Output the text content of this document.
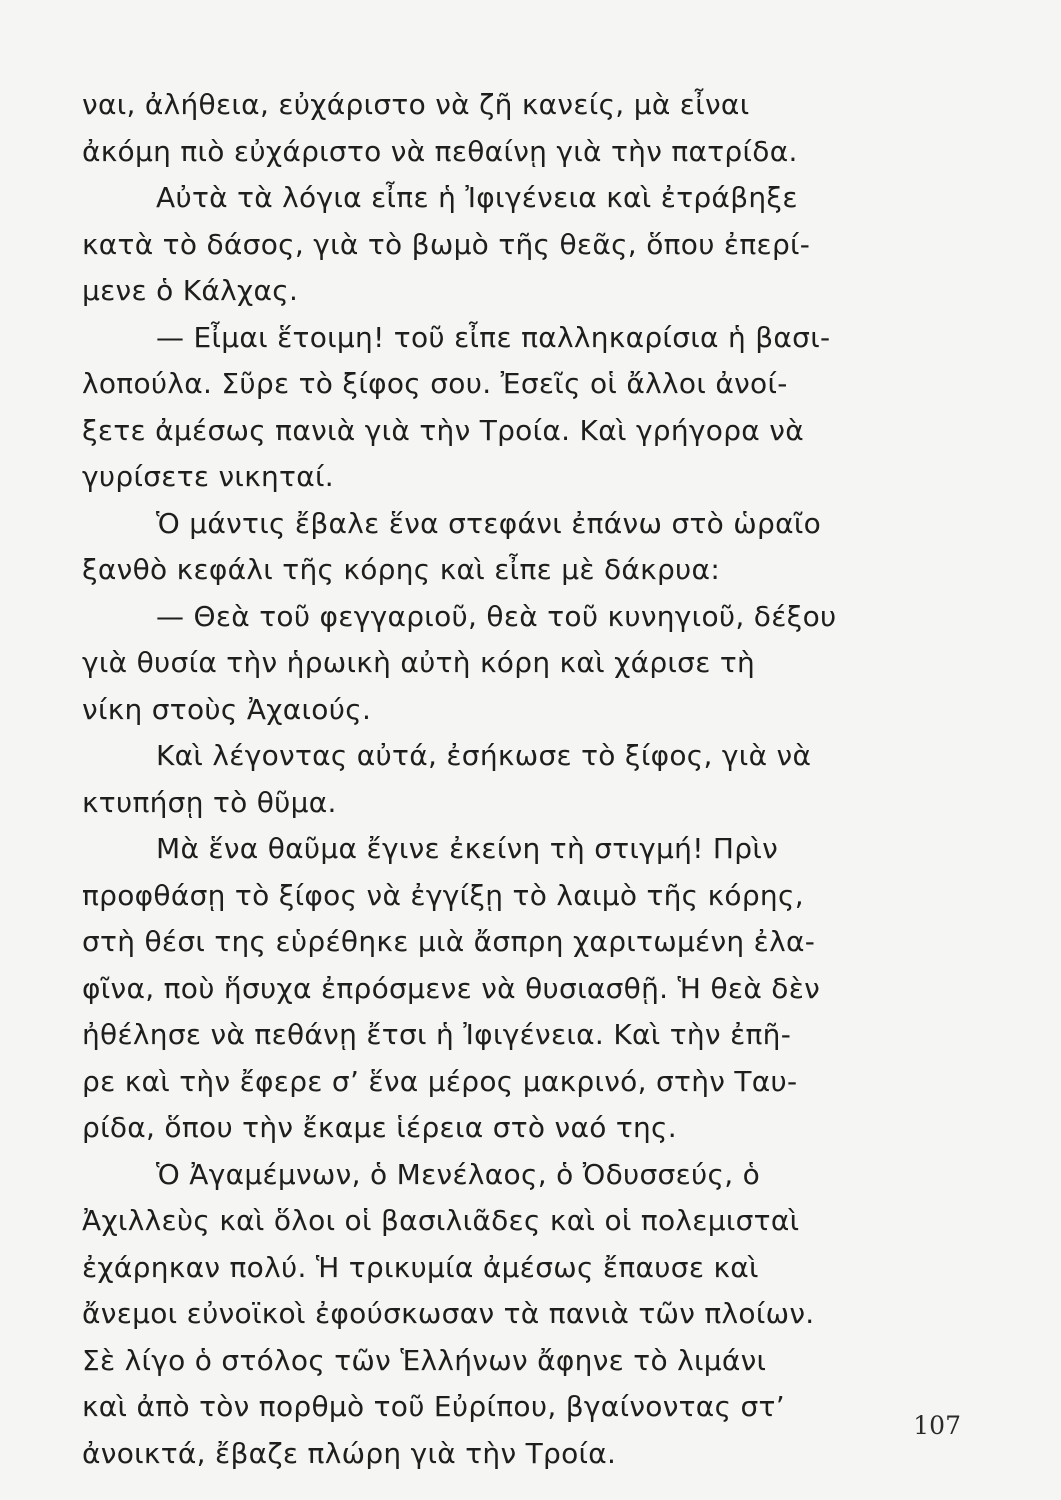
ναι, ἀλήθεια, εὐχάριστο νὰ ζῆ κανείς, μὰ εἶναι
ἀκόμη πιὸ εὐχάριστο νὰ πεθαίνῃ γιὰ τὴν πατρίδα.
Αὐτὰ τὰ λόγια εἶπε ἡ Ἰφιγένεια καὶ ἐτράβηξε
κατὰ τὸ δάσος, γιὰ τὸ βωμὸ τῆς θεᾶς, ὅπου ἐπερί-
μενε ὁ Κάλχας.
— Εἶμαι ἕτοιμη! τοῦ εἶπε παλληκαρίσια ἡ βασι-
λοπούλα. Σῦρε τὸ ξίφος σου. Ἐσεῖς οἱ ἄλλοι ἀνοί-
ξετε ἀμέσως πανιὰ γιὰ τὴν Τροία. Καὶ γρήγορα νὰ
γυρίσετε νικηταί.
Ὁ μάντις ἔβαλε ἕνα στεφάνι ἐπάνω στὸ ὡραῖο
ξανθὸ κεφάλι τῆς κόρης καὶ εἶπε μὲ δάκρυα:
— Θεὰ τοῦ φεγγαριοῦ, θεὰ τοῦ κυνηγιοῦ, δέξου
γιὰ θυσία τὴν ἡρωικὴ αὐτὴ κόρη καὶ χάρισε τὴ
νίκη στοὺς Ἀχαιούς.
Καὶ λέγοντας αὐτά, ἐσήκωσε τὸ ξίφος, γιὰ νὰ
κτυπήσῃ τὸ θῦμα.
Μὰ ἕνα θαῦμα ἔγινε ἐκείνη τὴ στιγμή! Πρὶν
προφθάσῃ τὸ ξίφος νὰ ἐγγίξῃ τὸ λαιμὸ τῆς κόρης,
στὴ θέσι της εὑρέθηκε μιὰ ἄσπρη χαριτωμένη ἐλα-
φῖνα, ποὺ ἥσυχα ἐπρόσμενε νὰ θυσιασθῇ. Ἡ θεὰ δὲν
ἠθέλησε νὰ πεθάνῃ ἔτσι ἡ Ἰφιγένεια. Καὶ τὴν ἐπῆ-
ρε καὶ τὴν ἔφερε σ’ ἕνα μέρος μακρινό, στὴν Ταυ-
ρίδα, ὅπου τὴν ἔκαμε ἱέρεια στὸ ναό της.
Ὁ Ἀγαμέμνων, ὁ Μενέλαος, ὁ Ὀδυσσεύς, ὁ
Ἀχιλλεὺς καὶ ὅλοι οἱ βασιλιᾶδες καὶ οἱ πολεμισταὶ
ἐχάρηκαν πολύ. Ἡ τρικυμία ἀμέσως ἔπαυσε καὶ
ἄνεμοι εὐνοϊκοὶ ἐφούσκωσαν τὰ πανιὰ τῶν πλοίων.
Σὲ λίγο ὁ στόλος τῶν Ἑλλήνων ἄφηνε τὸ λιμάνι
καὶ ἀπὸ τὸν πορθμὸ τοῦ Εὐρίπου, βγαίνοντας στ’
ἀνοικτά, ἔβαζε πλώρη γιὰ τὴν Τροία.
107
